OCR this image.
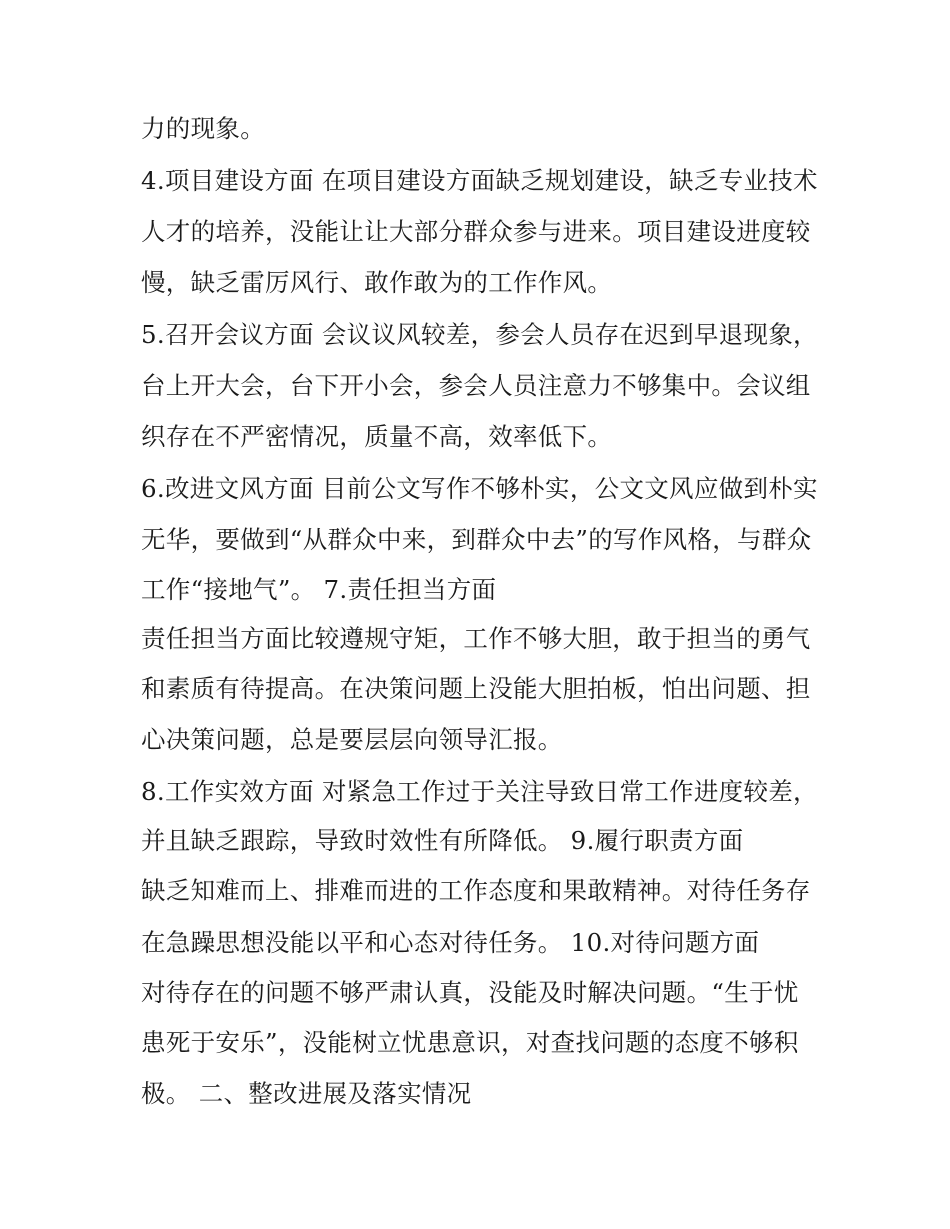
力的现象。

4.项目建设方面 在项目建设方面缺乏规划建设，缺乏专业技术

人才的培养，没能让让大部分群众参与进来。项目建设进度较

慢，缺乏雷厉风行、敢作敢为的工作作风。

5.召开会议方面 会议议风较差，参会人员存在迟到早退现象，

台上开大会，台下开小会，参会人员注意力不够集中。会议组

织存在不严密情况，质量不高，效率低下。

6.改进文风方面 目前公文写作不够朴实，公文文风应做到朴实

无华，要做到“从群众中来，到群众中去”的写作风格，与群众

工作“接地气”。 7.责任担当方面

责任担当方面比较遵规守矩，工作不够大胆，敢于担当的勇气

和素质有待提高。在决策问题上没能大胆拍板，怕出问题、担

心决策问题，总是要层层向领导汇报。

8.工作实效方面 对紧急工作过于关注导致日常工作进度较差，

并且缺乏跟踪，导致时效性有所降低。 9.履行职责方面

缺乏知难而上、排难而进的工作态度和果敢精神。对待任务存

在急躁思想没能以平和心态对待任务。 10.对待问题方面

对待存在的问题不够严肃认真，没能及时解决问题。“生于忧

患死于安乐”，没能树立忧患意识，对查找问题的态度不够积

极。 二、整改进展及落实情况
